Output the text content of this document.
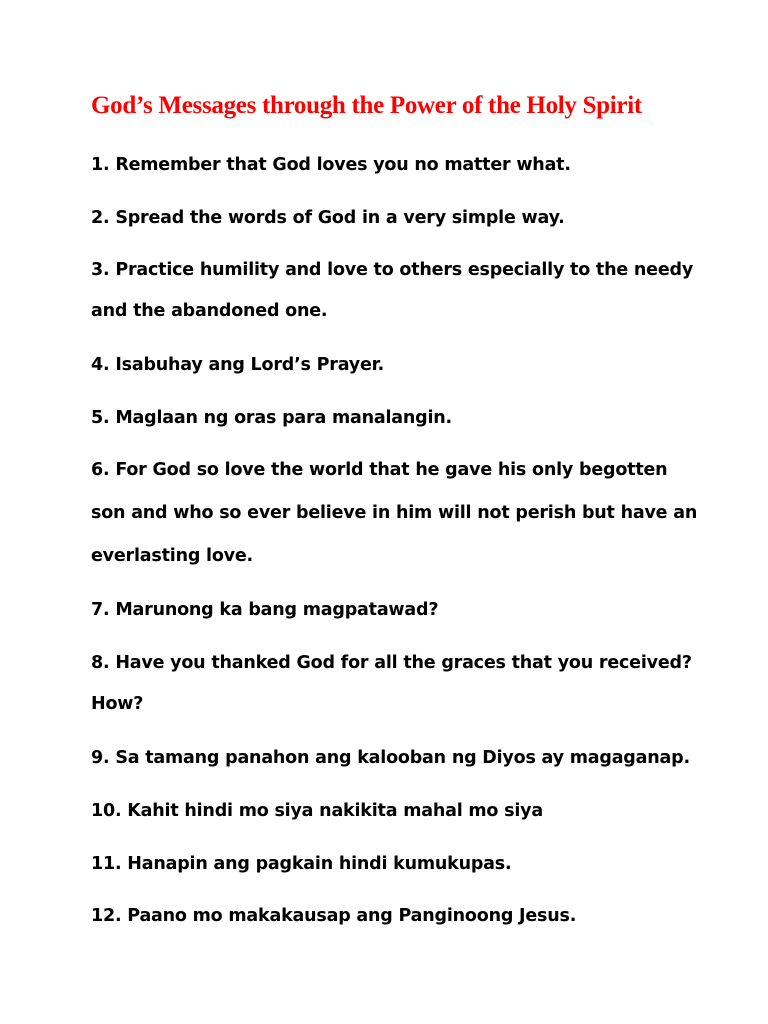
God’s Messages through the Power of the Holy Spirit

1. Remember that God loves you no matter what.

2. Spread the words of God in a very simple way.

3. Practice humility and love to others especially to the needy

and the abandoned one.

4. Isabuhay ang Lord’s Prayer.

5. Maglaan ng oras para manalangin.

6. For God so love the world that he gave his only begotten

son and who so ever believe in him will not perish but have an

everlasting love.

7. Marunong ka bang magpatawad?

8. Have you thanked God for all the graces that you received?

How?

9. Sa tamang panahon ang kalooban ng Diyos ay magaganap.

10. Kahit hindi mo siya nakikita mahal mo siya

11. Hanapin ang pagkain hindi kumukupas.

12. Paano mo makakausap ang Panginoong Jesus.
